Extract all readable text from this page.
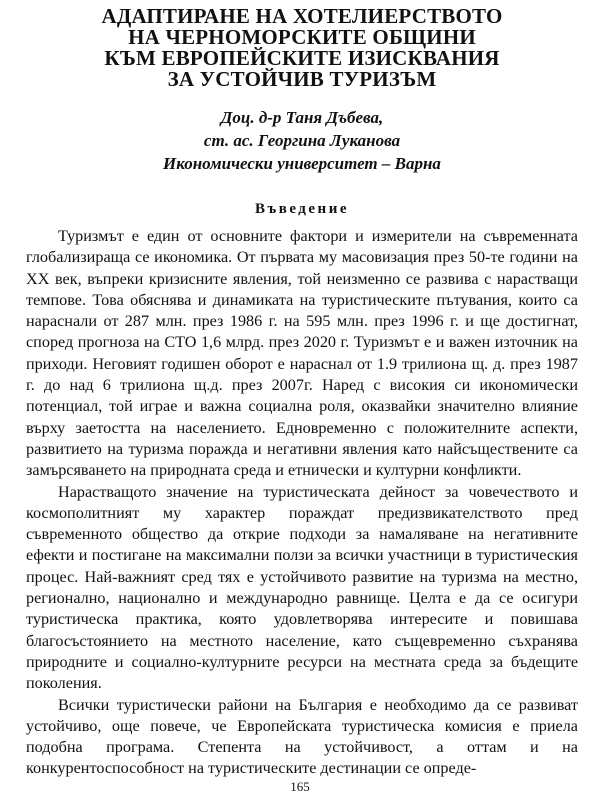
АДАПТИРАНЕ НА ХОТЕЛИЕРСТВОТО
НА ЧЕРНОМОРСКИТЕ ОБЩИНИ
КЪМ ЕВРОПЕЙСКИТЕ ИЗИСКВАНИЯ
ЗА УСТОЙЧИВ ТУРИЗЪМ
Доц. д-р Таня Дъбева,
ст. ас. Георгина Луканова
Икономически университет – Варна
Въведение

Туризмът е един от основните фактори и измерители на съвременната глобализираща се икономика. От първата му масовизация през 50-те години на ХХ век, въпреки кризисните явления, той неизменно се развива с нарастващи темпове. Това обяснява и динамиката на туристическите пътувания, които са нараснали от 287 млн. през 1986 г. на 595 млн. през 1996 г. и ще достигнат, според прогноза на СТО 1,6 млрд. през 2020 г. Туризмът е и важен източник на приходи. Неговият годишен оборот е нараснал от 1.9 трилиона щ. д. през 1987 г. до над 6 трилиона щ.д. през 2007г. Наред с високия си икономически потенциал, той играе и важна социална роля, оказвайки значително влияние върху заетостта на населението. Едновременно с положителните аспекти, развитието на туризма поражда и негативни явления като найсъществените са замърсяването на природната среда и етнически и културни конфликти.

Нарастващото значение на туристическата дейност за човечеството и космополитният му характер пораждат предизвикателството пред съвременното общество да открие подходи за намаляване на негативните ефекти и постигане на максимални ползи за всички участници в туристическия процес. Най-важният сред тях е устойчивото развитие на туризма на местно, регионално, национално и международно равнище. Целта е да се осигури туристическа практика, която удовлетворява интересите и повишава благосъстоянието на местното население, като същевременно съхранява природните и социално-културните ресурси на местната среда за бъдещите поколения.

Всички туристически райони на България е необходимо да се развиват устойчиво, още повече, че Европейската туристическа комисия е приела подобна програма. Степента на устойчивост, а оттам и на конкурентоспособност на туристическите дестинации се опреде-

165
